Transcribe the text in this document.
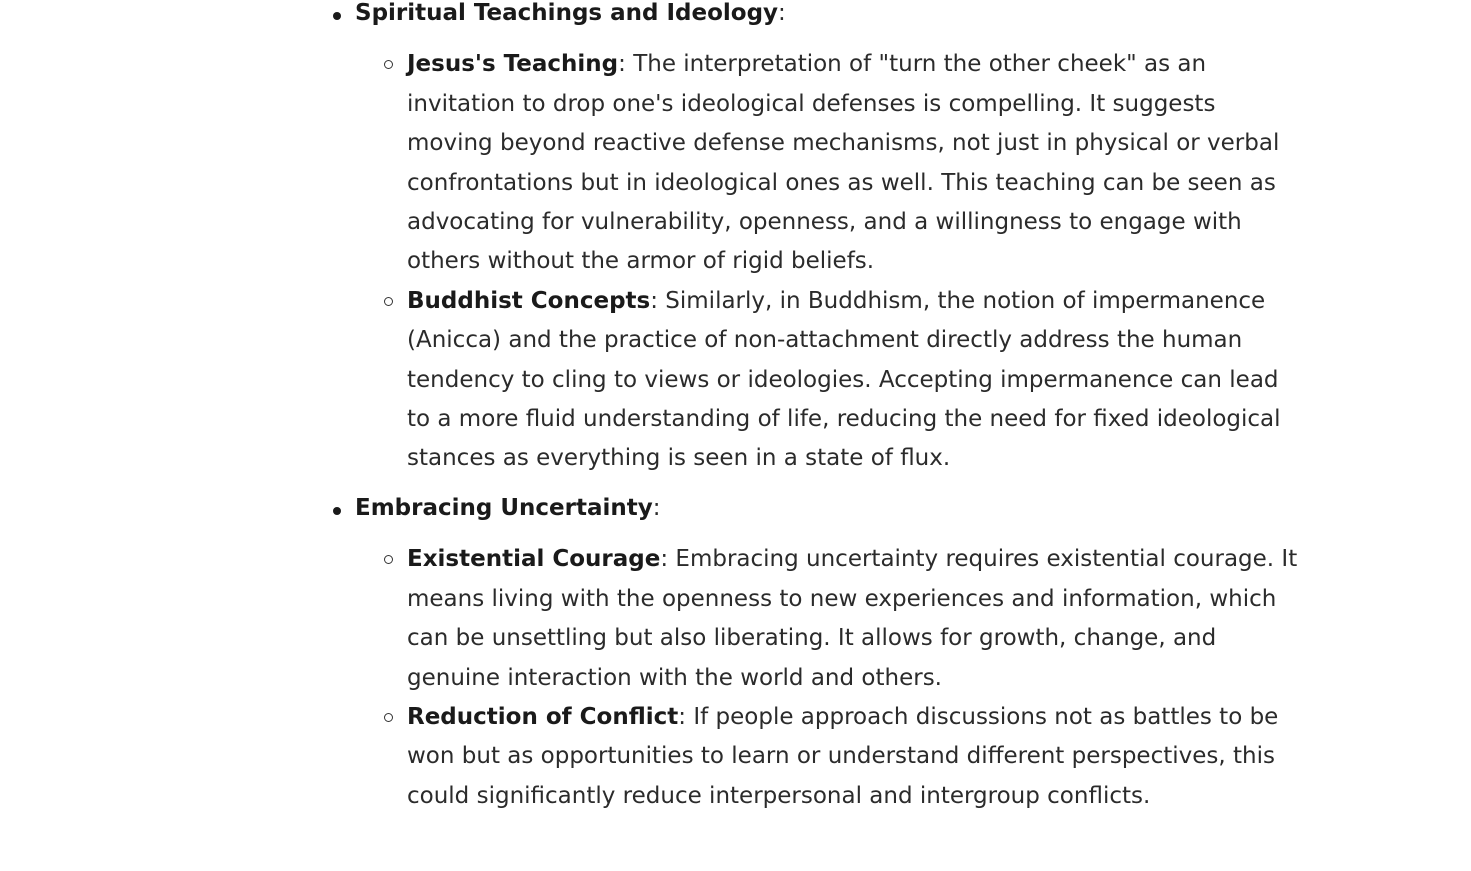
Spiritual Teachings and Ideology:
Jesus's Teaching: The interpretation of "turn the other cheek" as an invitation to drop one's ideological defenses is compelling. It suggests moving beyond reactive defense mechanisms, not just in physical or verbal confrontations but in ideological ones as well. This teaching can be seen as advocating for vulnerability, openness, and a willingness to engage with others without the armor of rigid beliefs.
Buddhist Concepts: Similarly, in Buddhism, the notion of impermanence (Anicca) and the practice of non-attachment directly address the human tendency to cling to views or ideologies. Accepting impermanence can lead to a more fluid understanding of life, reducing the need for fixed ideological stances as everything is seen in a state of flux.
Embracing Uncertainty:
Existential Courage: Embracing uncertainty requires existential courage. It means living with the openness to new experiences and information, which can be unsettling but also liberating. It allows for growth, change, and genuine interaction with the world and others.
Reduction of Conflict: If people approach discussions not as battles to be won but as opportunities to learn or understand different perspectives, this could significantly reduce interpersonal and intergroup conflicts.
